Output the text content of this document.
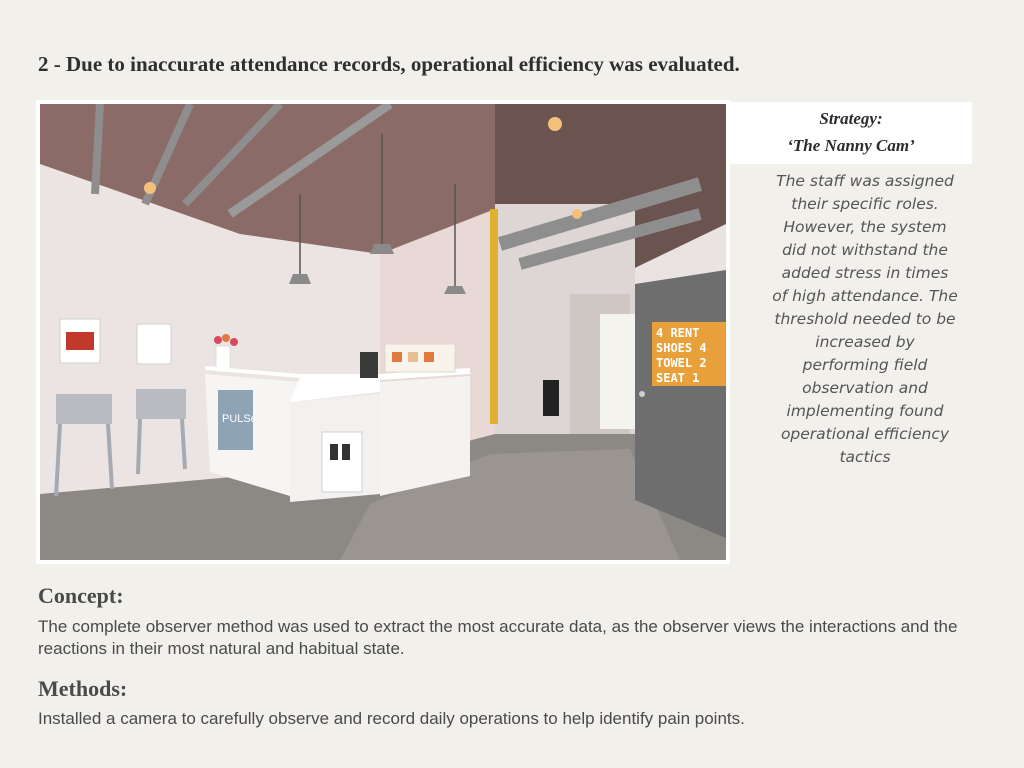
2 - Due to inaccurate attendance records, operational efficiency was evaluated.
PULSe
4 RENT
SHOES 4
TOWEL 2
SEAT 1
Strategy:
‘The Nanny Cam’
The staff was assigned their specific roles. However, the system did not withstand the added stress in times of high attendance. The threshold needed to be increased by performing field observation and implementing found operational efficiency tactics
Concept:
The complete observer method was used to extract the most accurate data, as the observer views the interactions and the reactions in their most natural and habitual state.
Methods:
Installed a camera to carefully observe and record daily operations to help identify pain points.
